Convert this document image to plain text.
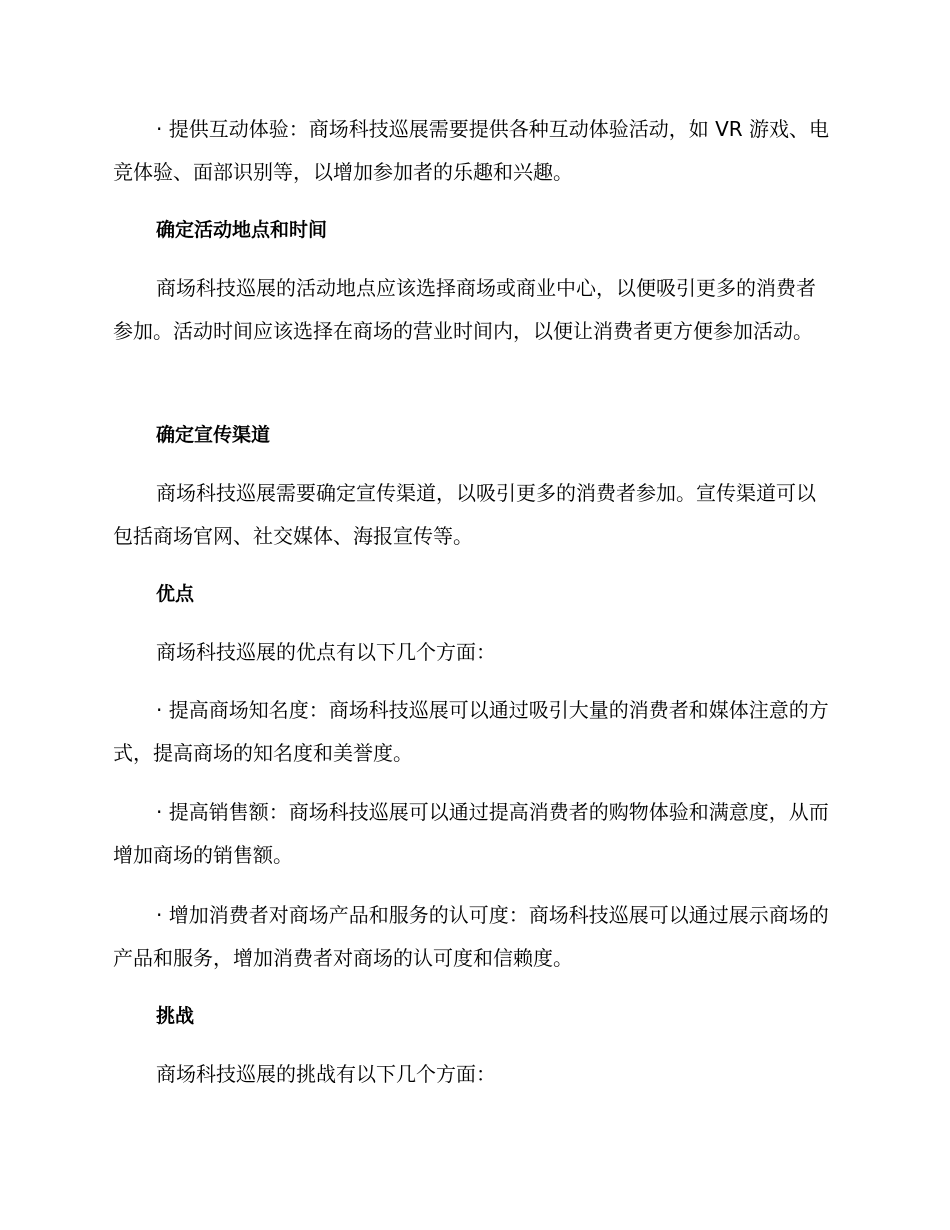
· 提供互动体验：商场科技巡展需要提供各种互动体验活动，如 VR 游戏、电竞体验、面部识别等，以增加参加者的乐趣和兴趣。

确定活动地点和时间

商场科技巡展的活动地点应该选择商场或商业中心，以便吸引更多的消费者参加。活动时间应该选择在商场的营业时间内，以便让消费者更方便参加活动。

确定宣传渠道

商场科技巡展需要确定宣传渠道，以吸引更多的消费者参加。宣传渠道可以包括商场官网、社交媒体、海报宣传等。

优点

商场科技巡展的优点有以下几个方面：

· 提高商场知名度：商场科技巡展可以通过吸引大量的消费者和媒体注意的方式，提高商场的知名度和美誉度。

· 提高销售额：商场科技巡展可以通过提高消费者的购物体验和满意度，从而增加商场的销售额。

· 增加消费者对商场产品和服务的认可度：商场科技巡展可以通过展示商场的产品和服务，增加消费者对商场的认可度和信赖度。

挑战

商场科技巡展的挑战有以下几个方面：
